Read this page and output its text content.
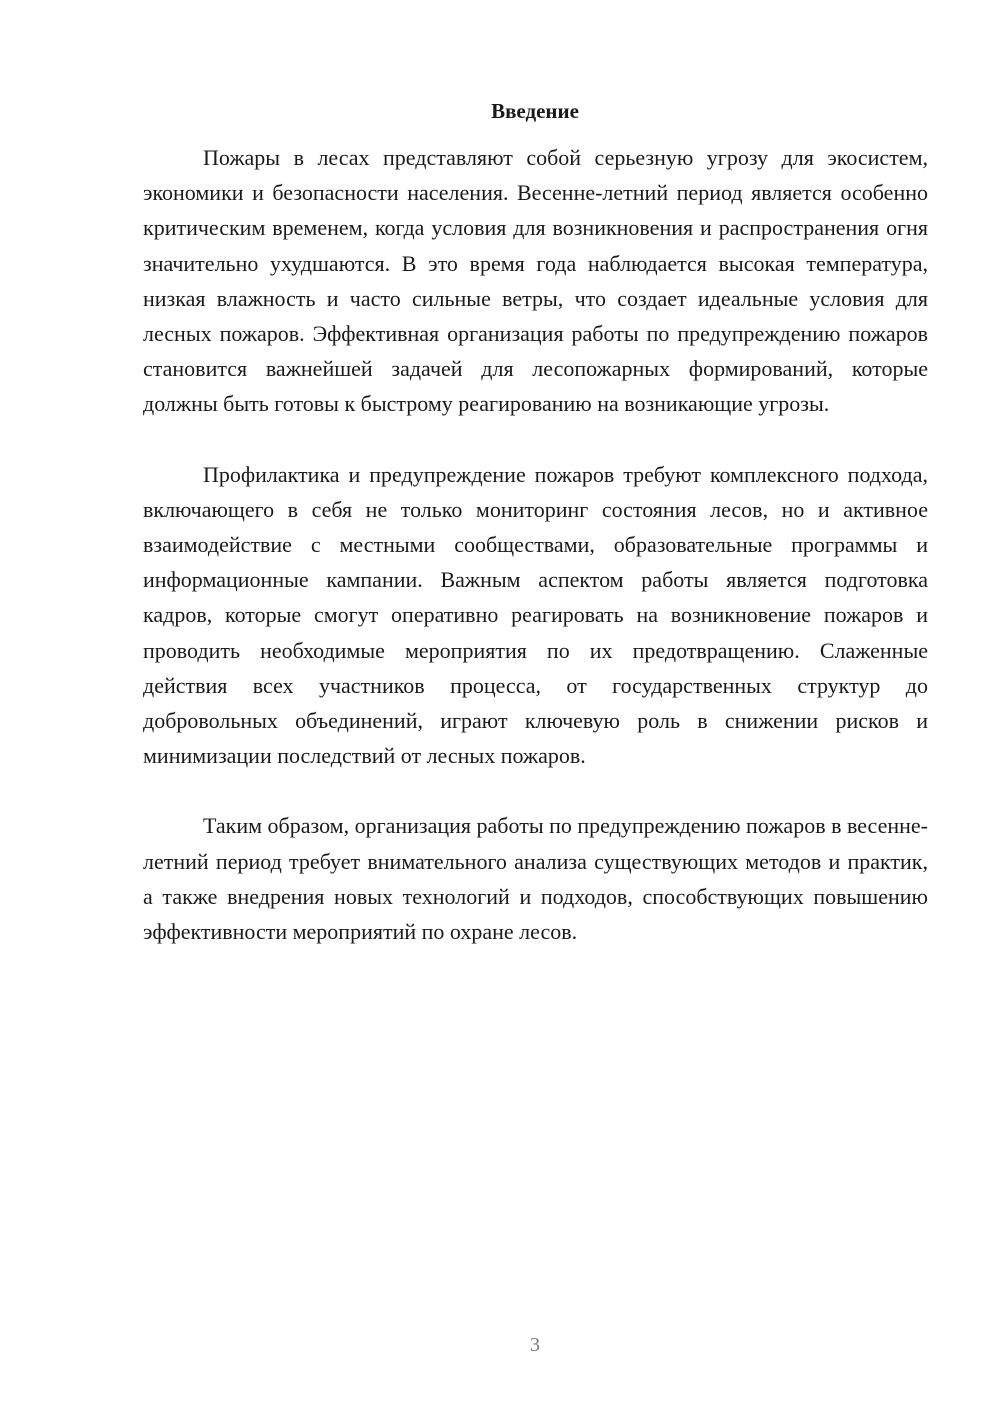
Введение

Пожары в лесах представляют собой серьезную угрозу для экосистем, экономики и безопасности населения. Весенне-летний период является особенно критическим временем, когда условия для возникновения и распространения огня значительно ухудшаются. В это время года наблюдается высокая температура, низкая влажность и часто сильные ветры, что создает идеальные условия для лесных пожаров. Эффективная организация работы по предупреждению пожаров становится важнейшей задачей для лесопожарных формирований, которые должны быть готовы к быстрому реагированию на возникающие угрозы.

Профилактика и предупреждение пожаров требуют комплексного подхода, включающего в себя не только мониторинг состояния лесов, но и активное взаимодействие с местными сообществами, образовательные программы и информационные кампании. Важным аспектом работы является подготовка кадров, которые смогут оперативно реагировать на возникновение пожаров и проводить необходимые мероприятия по их предотвращению. Слаженные действия всех участников процесса, от государственных структур до добровольных объединений, играют ключевую роль в снижении рисков и минимизации последствий от лесных пожаров.

Таким образом, организация работы по предупреждению пожаров в весенне-летний период требует внимательного анализа существующих методов и практик, а также внедрения новых технологий и подходов, способствующих повышению эффективности мероприятий по охране лесов.

3
